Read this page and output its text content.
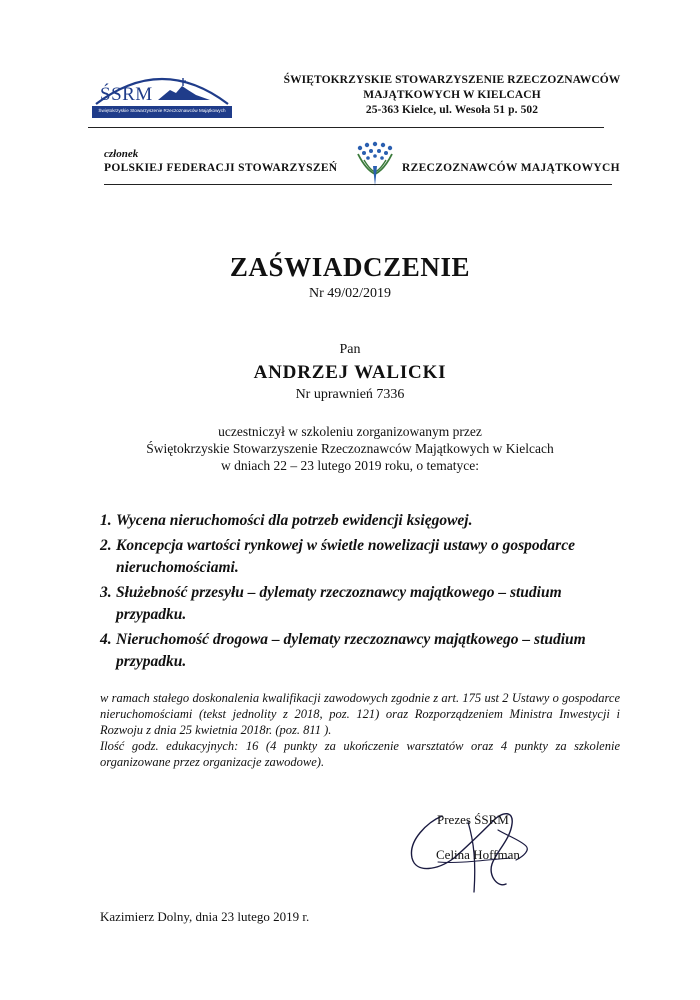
ŚSRM
Świętokrzyskie Stowarzyszenie Rzeczoznawców Majątkowych
ŚWIĘTOKRZYSKIE STOWARZYSZENIE RZECZOZNAWCÓW
MAJĄTKOWYCH W KIELCACH
25-363 Kielce, ul. Wesoła 51 p. 502
członek
POLSKIEJ FEDERACJI STOWARZYSZEŃ	RZECZOZNAWCÓW MAJĄTKOWYCH
ZAŚWIADCZENIE
Nr 49/02/2019
Pan
ANDRZEJ WALICKI
Nr uprawnień 7336
uczestniczył w szkoleniu zorganizowanym przez
Świętokrzyskie Stowarzyszenie Rzeczoznawców Majątkowych w Kielcach
w dniach 22 – 23 lutego 2019 roku, o tematyce:
1. Wycena nieruchomości dla potrzeb ewidencji księgowej.
2. Koncepcja wartości rynkowej w świetle nowelizacji ustawy o gospodarce nieruchomościami.
3. Służebność przesyłu – dylematy rzeczoznawcy majątkowego – studium przypadku.
4. Nieruchomość drogowa – dylematy rzeczoznawcy majątkowego – studium przypadku.

w ramach stałego doskonalenia kwalifikacji zawodowych zgodnie z art. 175 ust 2 Ustawy o gospodarce nieruchomościami (tekst jednolity z 2018, poz. 121) oraz Rozporządzeniem Ministra Inwestycji i Rozwoju z dnia 25 kwietnia 2018r. (poz. 811 ).

Ilość godz. edukacyjnych: 16 (4 punkty za ukończenie warsztatów oraz 4 punkty za szkolenie organizowane przez organizacje zawodowe).

Prezes ŚSRM
Celina Hoffman
Kazimierz Dolny, dnia 23 lutego 2019 r.
